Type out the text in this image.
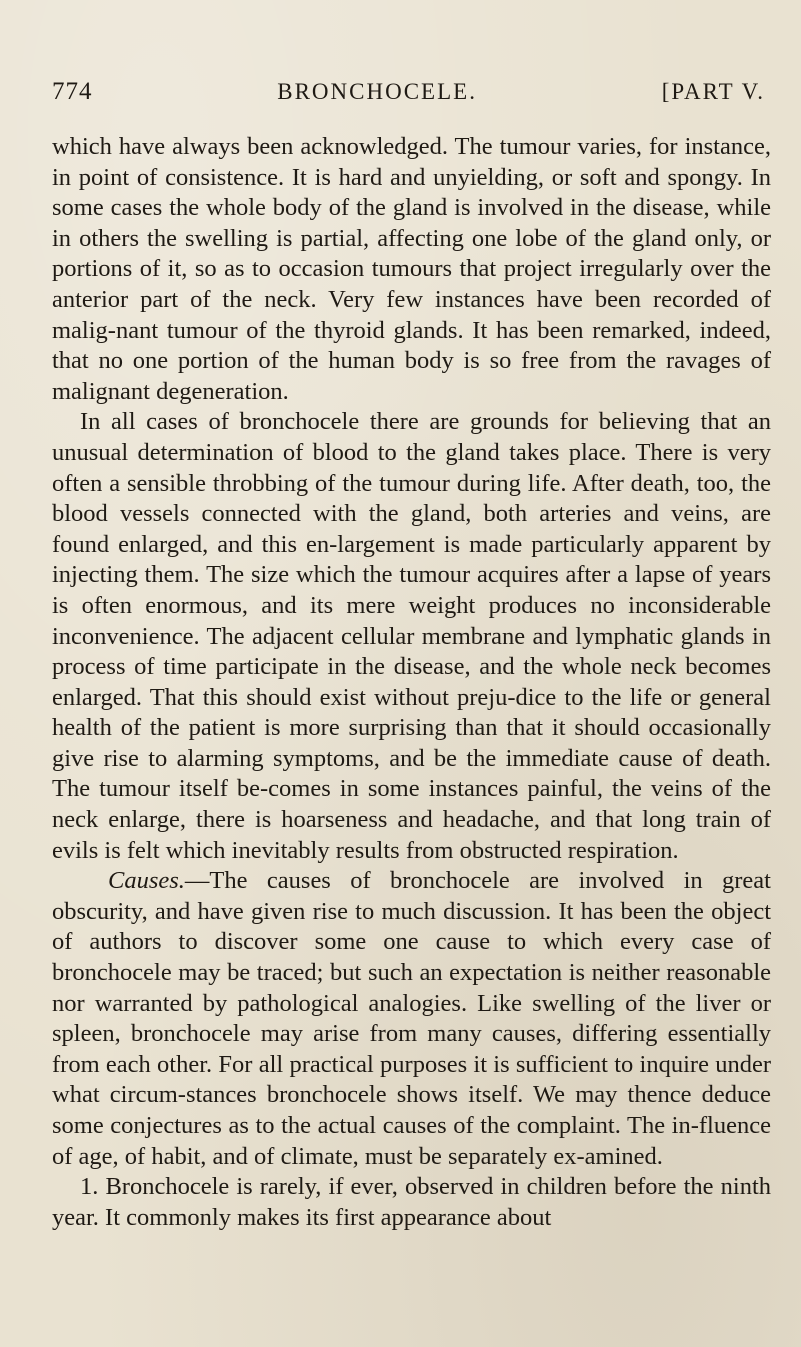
774	BRONCHOCELE.	[PART V.

which have always been acknowledged. The tumour varies, for instance, in point of consistence. It is hard and unyielding, or soft and spongy. In some cases the whole body of the gland is involved in the disease, while in others the swelling is partial, affecting one lobe of the gland only, or portions of it, so as to occasion tumours that project irregularly over the anterior part of the neck. Very few instances have been recorded of malig-nant tumour of the thyroid glands. It has been remarked, indeed, that no one portion of the human body is so free from the ravages of malignant degeneration.

In all cases of bronchocele there are grounds for believing that an unusual determination of blood to the gland takes place. There is very often a sensible throbbing of the tumour during life. After death, too, the blood vessels connected with the gland, both arteries and veins, are found enlarged, and this en-largement is made particularly apparent by injecting them. The size which the tumour acquires after a lapse of years is often enormous, and its mere weight produces no inconsiderable inconvenience. The adjacent cellular membrane and lymphatic glands in process of time participate in the disease, and the whole neck becomes enlarged. That this should exist without preju-dice to the life or general health of the patient is more surprising than that it should occasionally give rise to alarming symptoms, and be the immediate cause of death. The tumour itself be-comes in some instances painful, the veins of the neck enlarge, there is hoarseness and headache, and that long train of evils is felt which inevitably results from obstructed respiration.

Causes.—The causes of bronchocele are involved in great obscurity, and have given rise to much discussion. It has been the object of authors to discover some one cause to which every case of bronchocele may be traced; but such an expectation is neither reasonable nor warranted by pathological analogies. Like swelling of the liver or spleen, bronchocele may arise from many causes, differing essentially from each other. For all practical purposes it is sufficient to inquire under what circum-stances bronchocele shows itself. We may thence deduce some conjectures as to the actual causes of the complaint. The in-fluence of age, of habit, and of climate, must be separately ex-amined.

1. Bronchocele is rarely, if ever, observed in children before the ninth year. It commonly makes its first appearance about
